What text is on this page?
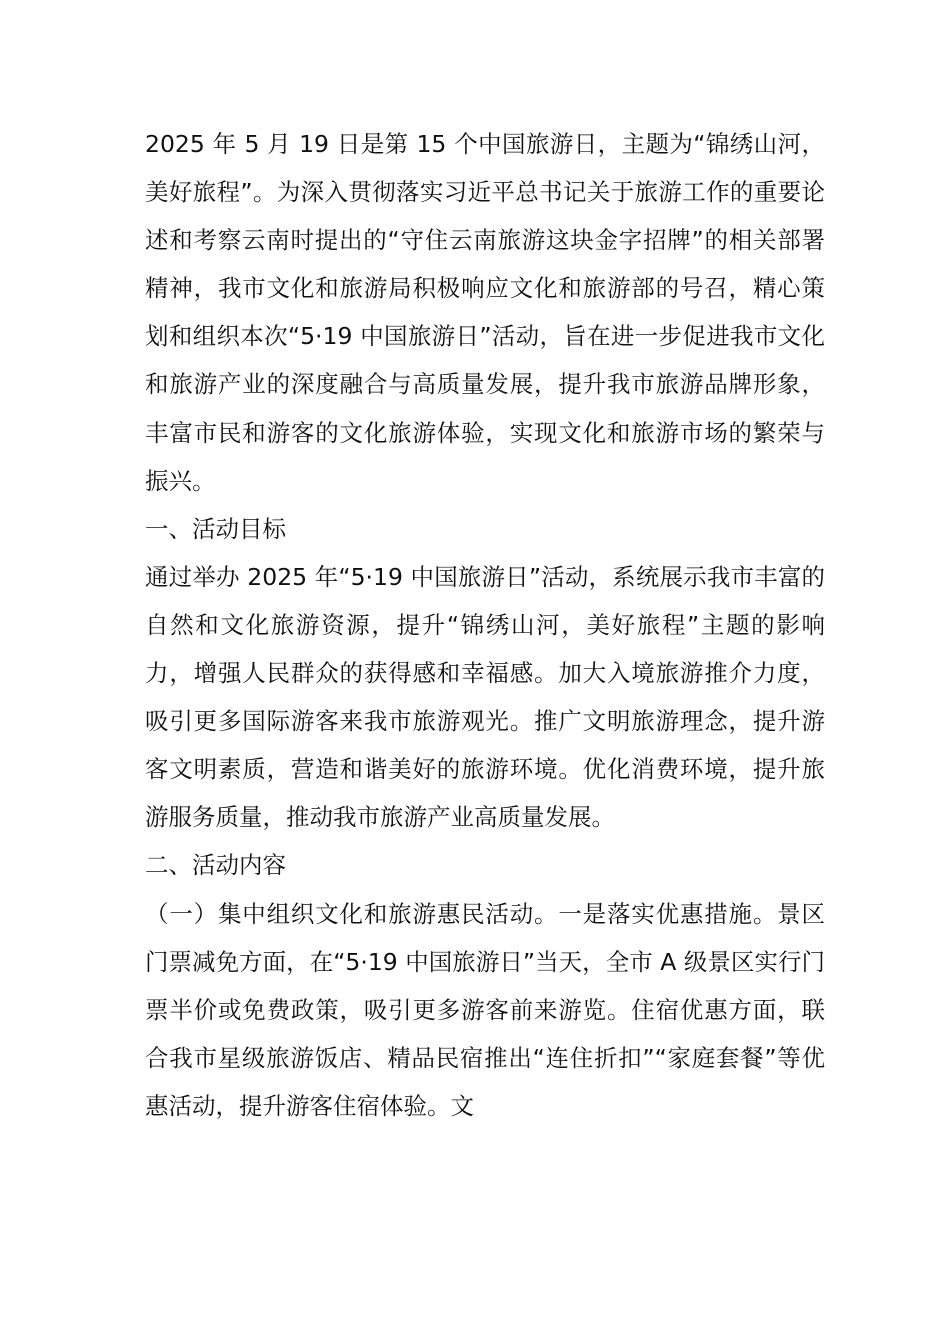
2025 年 5 月 19 日是第 15 个中国旅游日，主题为“锦绣山河，美好旅程”。为深入贯彻落实习近平总书记关于旅游工作的重要论述和考察云南时提出的“守住云南旅游这块金字招牌”的相关部署精神，我市文化和旅游局积极响应文化和旅游部的号召，精心策划和组织本次“5·19 中国旅游日”活动，旨在进一步促进我市文化和旅游产业的深度融合与高质量发展，提升我市旅游品牌形象，丰富市民和游客的文化旅游体验，实现文化和旅游市场的繁荣与振兴。

一、活动目标

通过举办 2025 年“5·19 中国旅游日”活动，系统展示我市丰富的自然和文化旅游资源，提升“锦绣山河，美好旅程”主题的影响力，增强人民群众的获得感和幸福感。加大入境旅游推介力度，吸引更多国际游客来我市旅游观光。推广文明旅游理念，提升游客文明素质，营造和谐美好的旅游环境。优化消费环境，提升旅游服务质量，推动我市旅游产业高质量发展。

二、活动内容

（一）集中组织文化和旅游惠民活动。一是落实优惠措施。景区门票减免方面，在“5·19 中国旅游日”当天，全市 A 级景区实行门票半价或免费政策，吸引更多游客前来游览。住宿优惠方面，联合我市星级旅游饭店、精品民宿推出“连住折扣”“家庭套餐”等优惠活动，提升游客住宿体验。文
